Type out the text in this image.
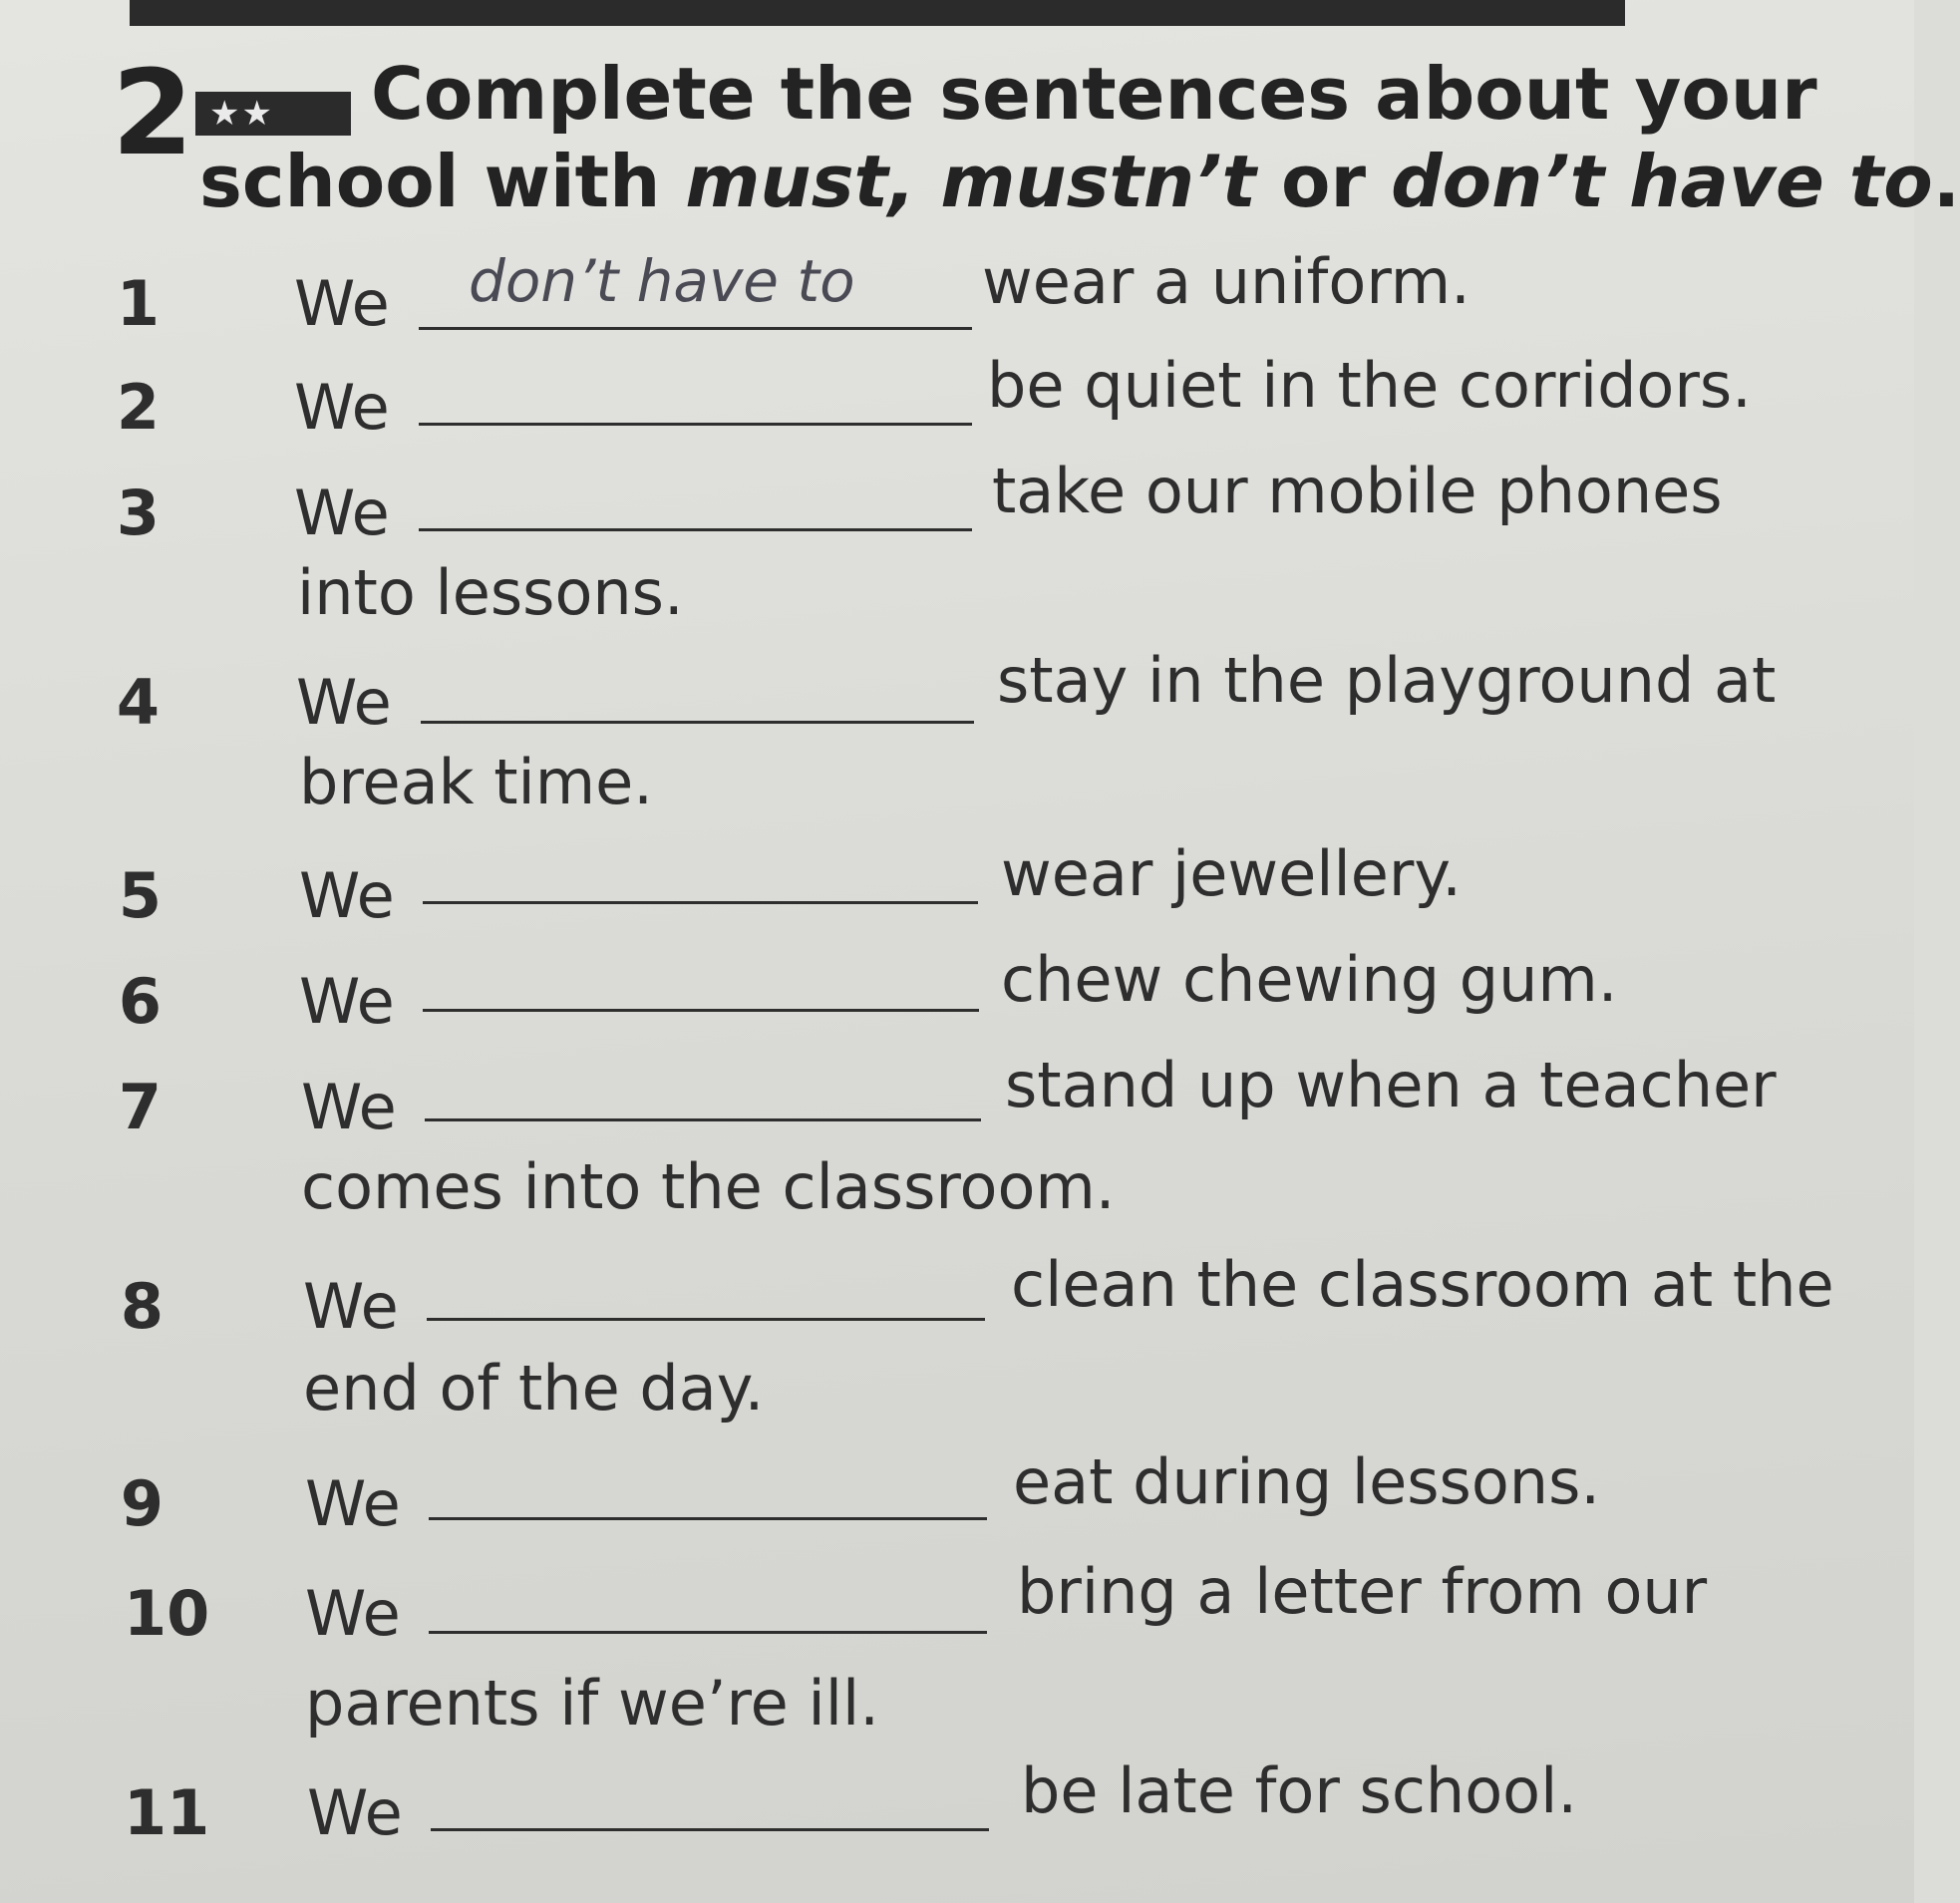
2 ★★	Complete the sentences about your
school with must, mustn’t or don’t have to.
1 We	wear a uniform.
don’t have to
2 We	be quiet in the corridors.
3 We	take our mobile phones
into lessons.
4 We	stay in the playground at
break time.
5 We	wear jewellery.
6 We	chew chewing gum.
7 We	stand up when a teacher
comes into the classroom.
8 We	clean the classroom at the
end of the day.
9 We	eat during lessons.
10 We	bring a letter from our
parents if we’re ill.
11 We	be late for school.
